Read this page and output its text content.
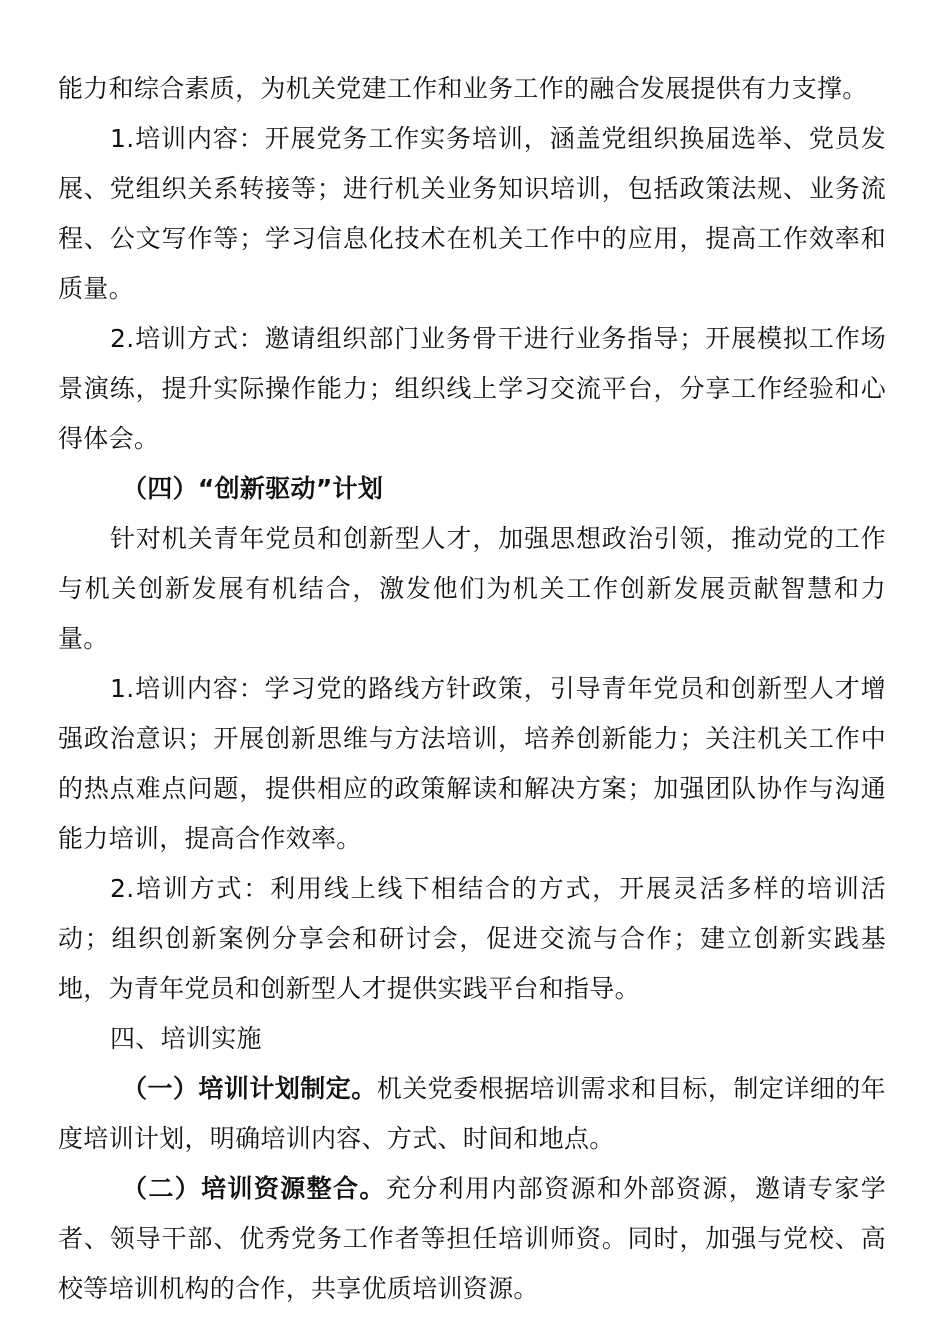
能力和综合素质，为机关党建工作和业务工作的融合发展提供有力支撑。

1.培训内容：开展党务工作实务培训，涵盖党组织换届选举、党员发展、党组织关系转接等；进行机关业务知识培训，包括政策法规、业务流程、公文写作等；学习信息化技术在机关工作中的应用，提高工作效率和质量。

2.培训方式：邀请组织部门业务骨干进行业务指导；开展模拟工作场景演练，提升实际操作能力；组织线上学习交流平台，分享工作经验和心得体会。

（四）“创新驱动”计划

针对机关青年党员和创新型人才，加强思想政治引领，推动党的工作与机关创新发展有机结合，激发他们为机关工作创新发展贡献智慧和力量。

1.培训内容：学习党的路线方针政策，引导青年党员和创新型人才增强政治意识；开展创新思维与方法培训，培养创新能力；关注机关工作中的热点难点问题，提供相应的政策解读和解决方案；加强团队协作与沟通能力培训，提高合作效率。

2.培训方式：利用线上线下相结合的方式，开展灵活多样的培训活动；组织创新案例分享会和研讨会，促进交流与合作；建立创新实践基地，为青年党员和创新型人才提供实践平台和指导。

四、培训实施

（一）培训计划制定。机关党委根据培训需求和目标，制定详细的年度培训计划，明确培训内容、方式、时间和地点。

（二）培训资源整合。充分利用内部资源和外部资源，邀请专家学者、领导干部、优秀党务工作者等担任培训师资。同时，加强与党校、高校等培训机构的合作，共享优质培训资源。
